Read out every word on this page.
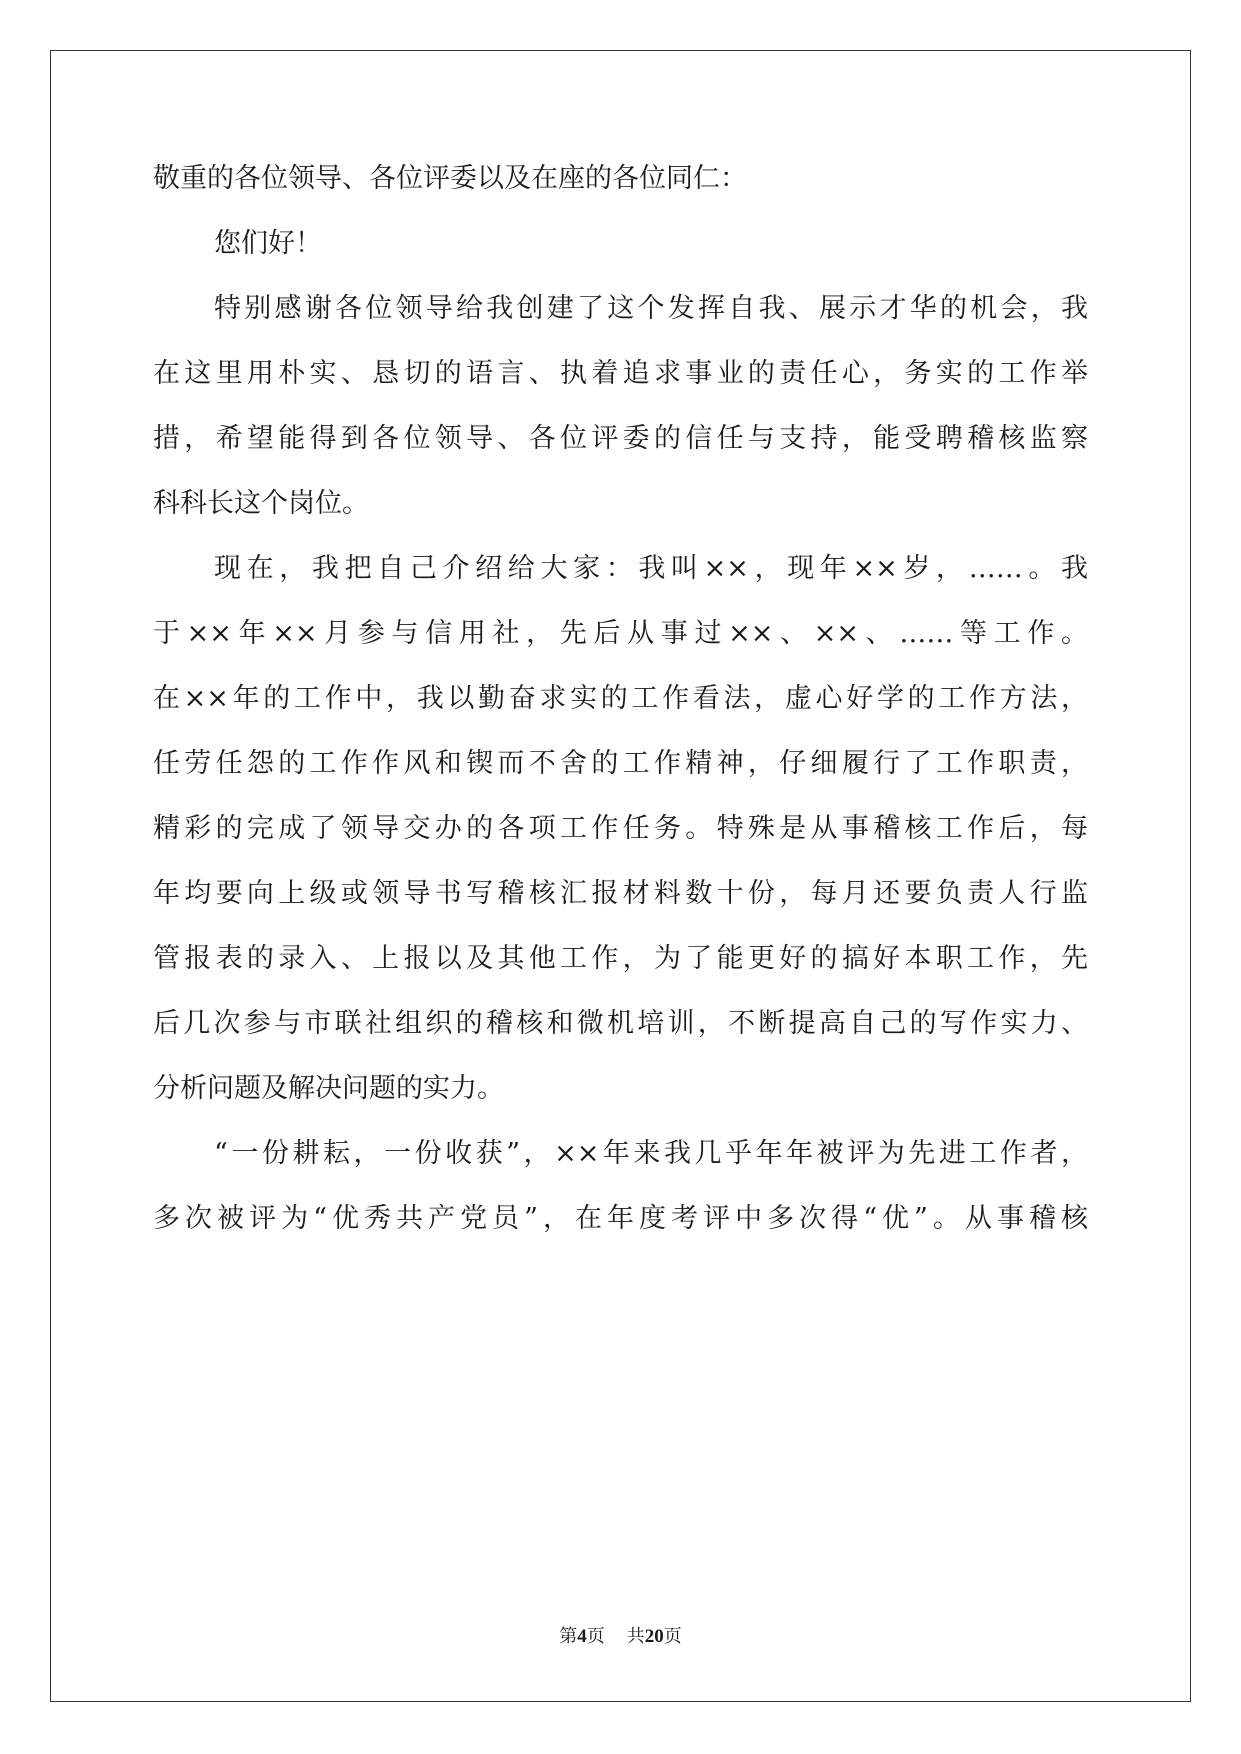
敬重的各位领导、各位评委以及在座的各位同仁：
您们好！
特别感谢各位领导给我创建了这个发挥自我、展示才华的机会，我
在这里用朴实、恳切的语言、执着追求事业的责任心，务实的工作举
措，希望能得到各位领导、各位评委的信任与支持，能受聘稽核监察
科科长这个岗位。
现在，我把自己介绍给大家：我叫××，现年××岁，……。我
于××年××月参与信用社，先后从事过××、××、……等工作。
在××年的工作中，我以勤奋求实的工作看法，虚心好学的工作方法，
任劳任怨的工作作风和锲而不舍的工作精神，仔细履行了工作职责，
精彩的完成了领导交办的各项工作任务。特殊是从事稽核工作后，每
年均要向上级或领导书写稽核汇报材料数十份，每月还要负责人行监
管报表的录入、上报以及其他工作，为了能更好的搞好本职工作，先
后几次参与市联社组织的稽核和微机培训，不断提高自己的写作实力、
分析问题及解决问题的实力。
“一份耕耘，一份收获”，××年来我几乎年年被评为先进工作者，
多次被评为“优秀共产党员”，在年度考评中多次得“优”。从事稽核
第4页 共20页
